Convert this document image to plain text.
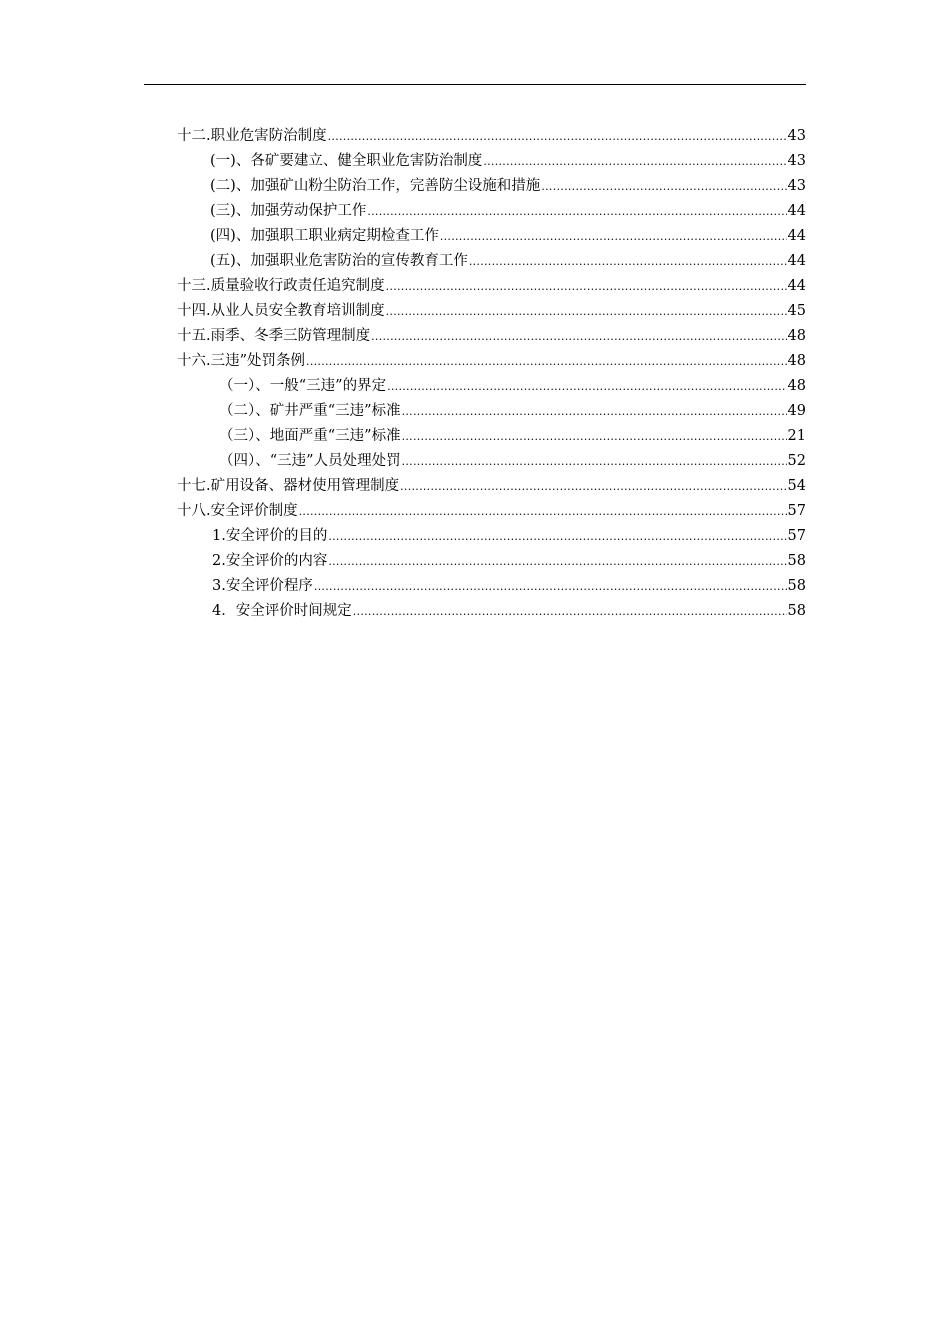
十二.职业危害防治制度 .....	43
(一)、各矿要建立、健全职业危害防治制度 .....	43
(二)、加强矿山粉尘防治工作，完善防尘设施和措施 .....	43
(三)、加强劳动保护工作 .....	44
(四)、加强职工职业病定期检查工作 .....	44
(五)、加强职业危害防治的宣传教育工作 .....	44
十三.质量验收行政责任追究制度 .....	44
十四.从业人员安全教育培训制度 .....	45
十五.雨季、冬季三防管理制度 .....	48
十六.三违”处罚条例 .....	48
（一）、一般“三违”的界定 .....	48
（二）、矿井严重“三违”标准 .....	49
（三）、地面严重“三违”标准 .....	21
（四）、“三违”人员处理处罚 .....	52
十七.矿用设备、器材使用管理制度 .....	54
十八.安全评价制度 .....	57
1.安全评价的目的 .....	57
2.安全评价的内容 .....	58
3.安全评价程序 .....	58
4．安全评价时间规定 .....	58
